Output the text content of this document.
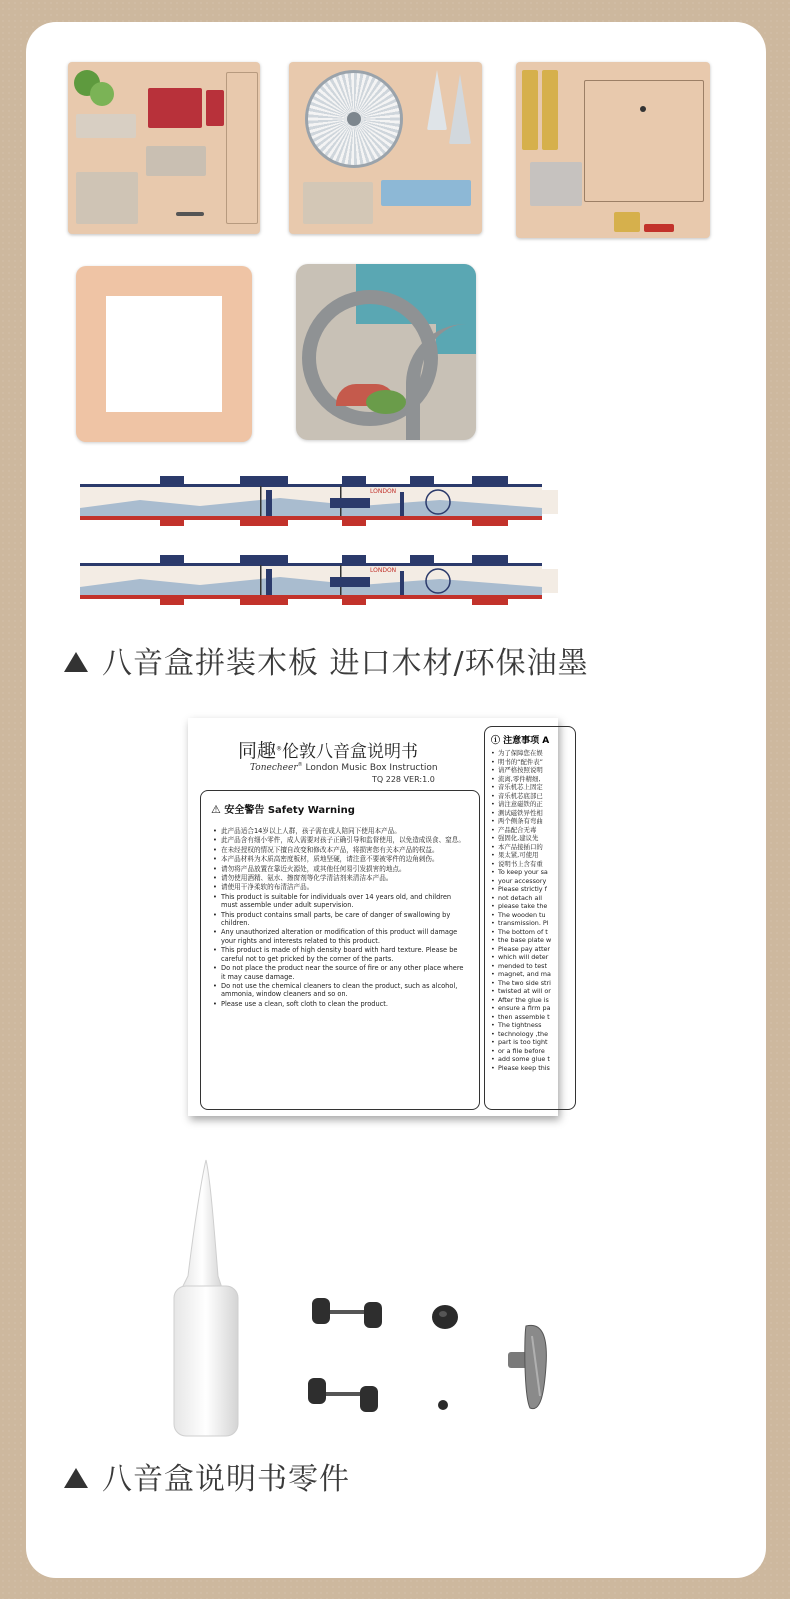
LONDON
LONDON
八音盒拼装木板 进口木材/环保油墨
同趣®伦敦八音盒说明书
Tonecheer® London Music Box Instruction
TQ 228 VER:1.0
⚠ 安全警告 Safety Warning
• 此产品适合14岁以上人群，孩子需在成人陪同下使用本产品。
• 此产品含有细小零件，成人需要对孩子正确引导和监督使用，以免造成误食、窒息。
• 在未经授权的情况下擅自改变和修改本产品，将损害您有关本产品的权益。
• 本产品材料为木质高密度板材，质地坚硬，请注意不要被零件的边角刺伤。
• 请勿将产品放置在靠近火源处，或其他任何易引发损害的地点。
• 请勿使用酒精、氨水、擦窗剂等化学清洁剂来清洁本产品。
• 请使用干净柔软的布清洁产品。
• This product is suitable for individuals over 14 years old, and children must assemble under adult supervision.
• This product contains small parts, be care of danger of swallowing by children.
• Any unauthorized alteration or modification of this product will damage your rights and interests related to this product.
• This product is made of high density board with hard texture. Please be careful not to get pricked by the corner of the parts.
• Do not place the product near the source of fire or any other place where it may cause damage.
• Do not use the chemical cleaners to clean the product, such as alcohol, ammonia, window cleaners and so on.
• Please use a clean, soft cloth to clean the product.
ⓘ 注意事项 A
• 为了保障您在娱
• 明书的“配件表”
• 请严格按照说明
• 流离,零件精细,
• 音乐机芯上固定
• 音乐机芯底部已
• 请注意磁铁的正
• 测试磁铁异性相
• 两个侧条有弯曲
• 产品配合无毒
• 强固化,建议先
• 本产品接插口的
• 果太紧,可使用
• 说明书上含有重
• To keep your sa
• your accessory
• Please strictly f
• not detach all
• please take the
• The wooden tu
• transmission. Pl
• The bottom of t
• the base plate w
• Please pay atter
• which will deter
• mended to test
• magnet, and ma
• The two side stri
• twisted at will or
• After the glue is
• ensure a firm pa
• then assemble t
• The tightness
• technology ,the
• part is too tight
• or a file before
• add some glue t
• Please keep this
八音盒说明书零件
